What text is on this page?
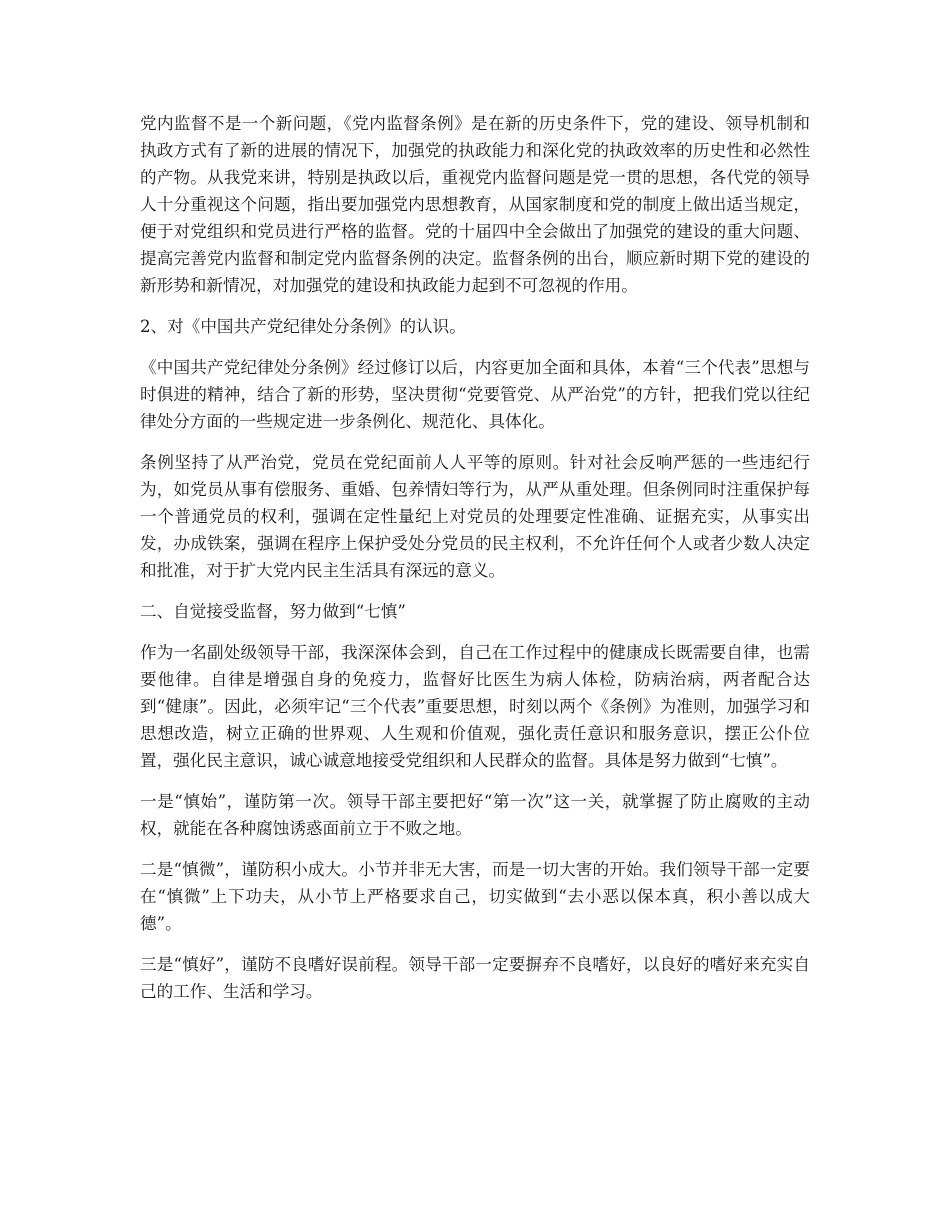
党内监督不是一个新问题，《党内监督条例》是在新的历史条件下，党的建设、领导机制和执政方式有了新的进展的情况下，加强党的执政能力和深化党的执政效率的历史性和必然性的产物。从我党来讲，特别是执政以后，重视党内监督问题是党一贯的思想，各代党的领导人十分重视这个问题，指出要加强党内思想教育，从国家制度和党的制度上做出适当规定，便于对党组织和党员进行严格的监督。党的十届四中全会做出了加强党的建设的重大问题、提高完善党内监督和制定党内监督条例的决定。监督条例的出台，顺应新时期下党的建设的新形势和新情况，对加强党的建设和执政能力起到不可忽视的作用。

2、对《中国共产党纪律处分条例》的认识。

《中国共产党纪律处分条例》经过修订以后，内容更加全面和具体，本着“三个代表”思想与时俱进的精神，结合了新的形势，坚决贯彻“党要管党、从严治党”的方针，把我们党以往纪律处分方面的一些规定进一步条例化、规范化、具体化。

条例坚持了从严治党，党员在党纪面前人人平等的原则。针对社会反响严惩的一些违纪行为，如党员从事有偿服务、重婚、包养情妇等行为，从严从重处理。但条例同时注重保护每一个普通党员的权利，强调在定性量纪上对党员的处理要定性准确、证据充实，从事实出发，办成铁案，强调在程序上保护受处分党员的民主权利，不允许任何个人或者少数人决定和批准，对于扩大党内民主生活具有深远的意义。

二、自觉接受监督，努力做到“七慎”

作为一名副处级领导干部，我深深体会到，自己在工作过程中的健康成长既需要自律，也需要他律。自律是增强自身的免疫力，监督好比医生为病人体检，防病治病，两者配合达到“健康”。因此，必须牢记“三个代表”重要思想，时刻以两个《条例》为准则，加强学习和思想改造，树立正确的世界观、人生观和价值观，强化责任意识和服务意识，摆正公仆位置，强化民主意识，诚心诚意地接受党组织和人民群众的监督。具体是努力做到“七慎”。

一是“慎始”，谨防第一次。领导干部主要把好“第一次”这一关，就掌握了防止腐败的主动权，就能在各种腐蚀诱惑面前立于不败之地。

二是“慎微”，谨防积小成大。小节并非无大害，而是一切大害的开始。我们领导干部一定要在“慎微”上下功夫，从小节上严格要求自己，切实做到“去小恶以保本真，积小善以成大德”。

三是“慎好”，谨防不良嗜好误前程。领导干部一定要摒弃不良嗜好，以良好的嗜好来充实自己的工作、生活和学习。
